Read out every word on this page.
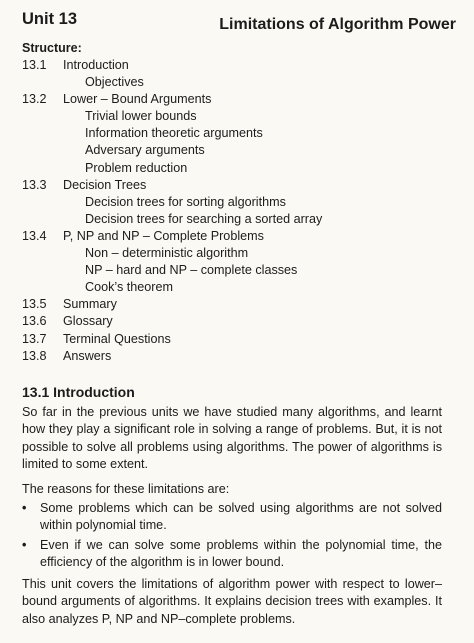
Unit 13	Limitations of Algorithm Power
Structure:
13.1 Introduction
Objectives
13.2 Lower – Bound Arguments
Trivial lower bounds
Information theoretic arguments
Adversary arguments
Problem reduction
13.3 Decision Trees
Decision trees for sorting algorithms
Decision trees for searching a sorted array
13.4 P, NP and NP – Complete Problems
Non – deterministic algorithm
NP – hard and NP – complete classes
Cook’s theorem
13.5 Summary
13.6 Glossary
13.7 Terminal Questions
13.8 Answers
13.1 Introduction
So far in the previous units we have studied many algorithms, and learnt
how they play a significant role in solving a range of problems. But, it is not
possible to solve all problems using algorithms. The power of algorithms is
limited to some extent.
The reasons for these limitations are:
• Some problems which can be solved using algorithms are not solved
within polynomial time.
• Even if we can solve some problems within the polynomial time, the
efficiency of the algorithm is in lower bound.
This unit covers the limitations of algorithm power with respect to lower–
bound arguments of algorithms. It explains decision trees with examples. It
also analyzes P, NP and NP–complete problems.
